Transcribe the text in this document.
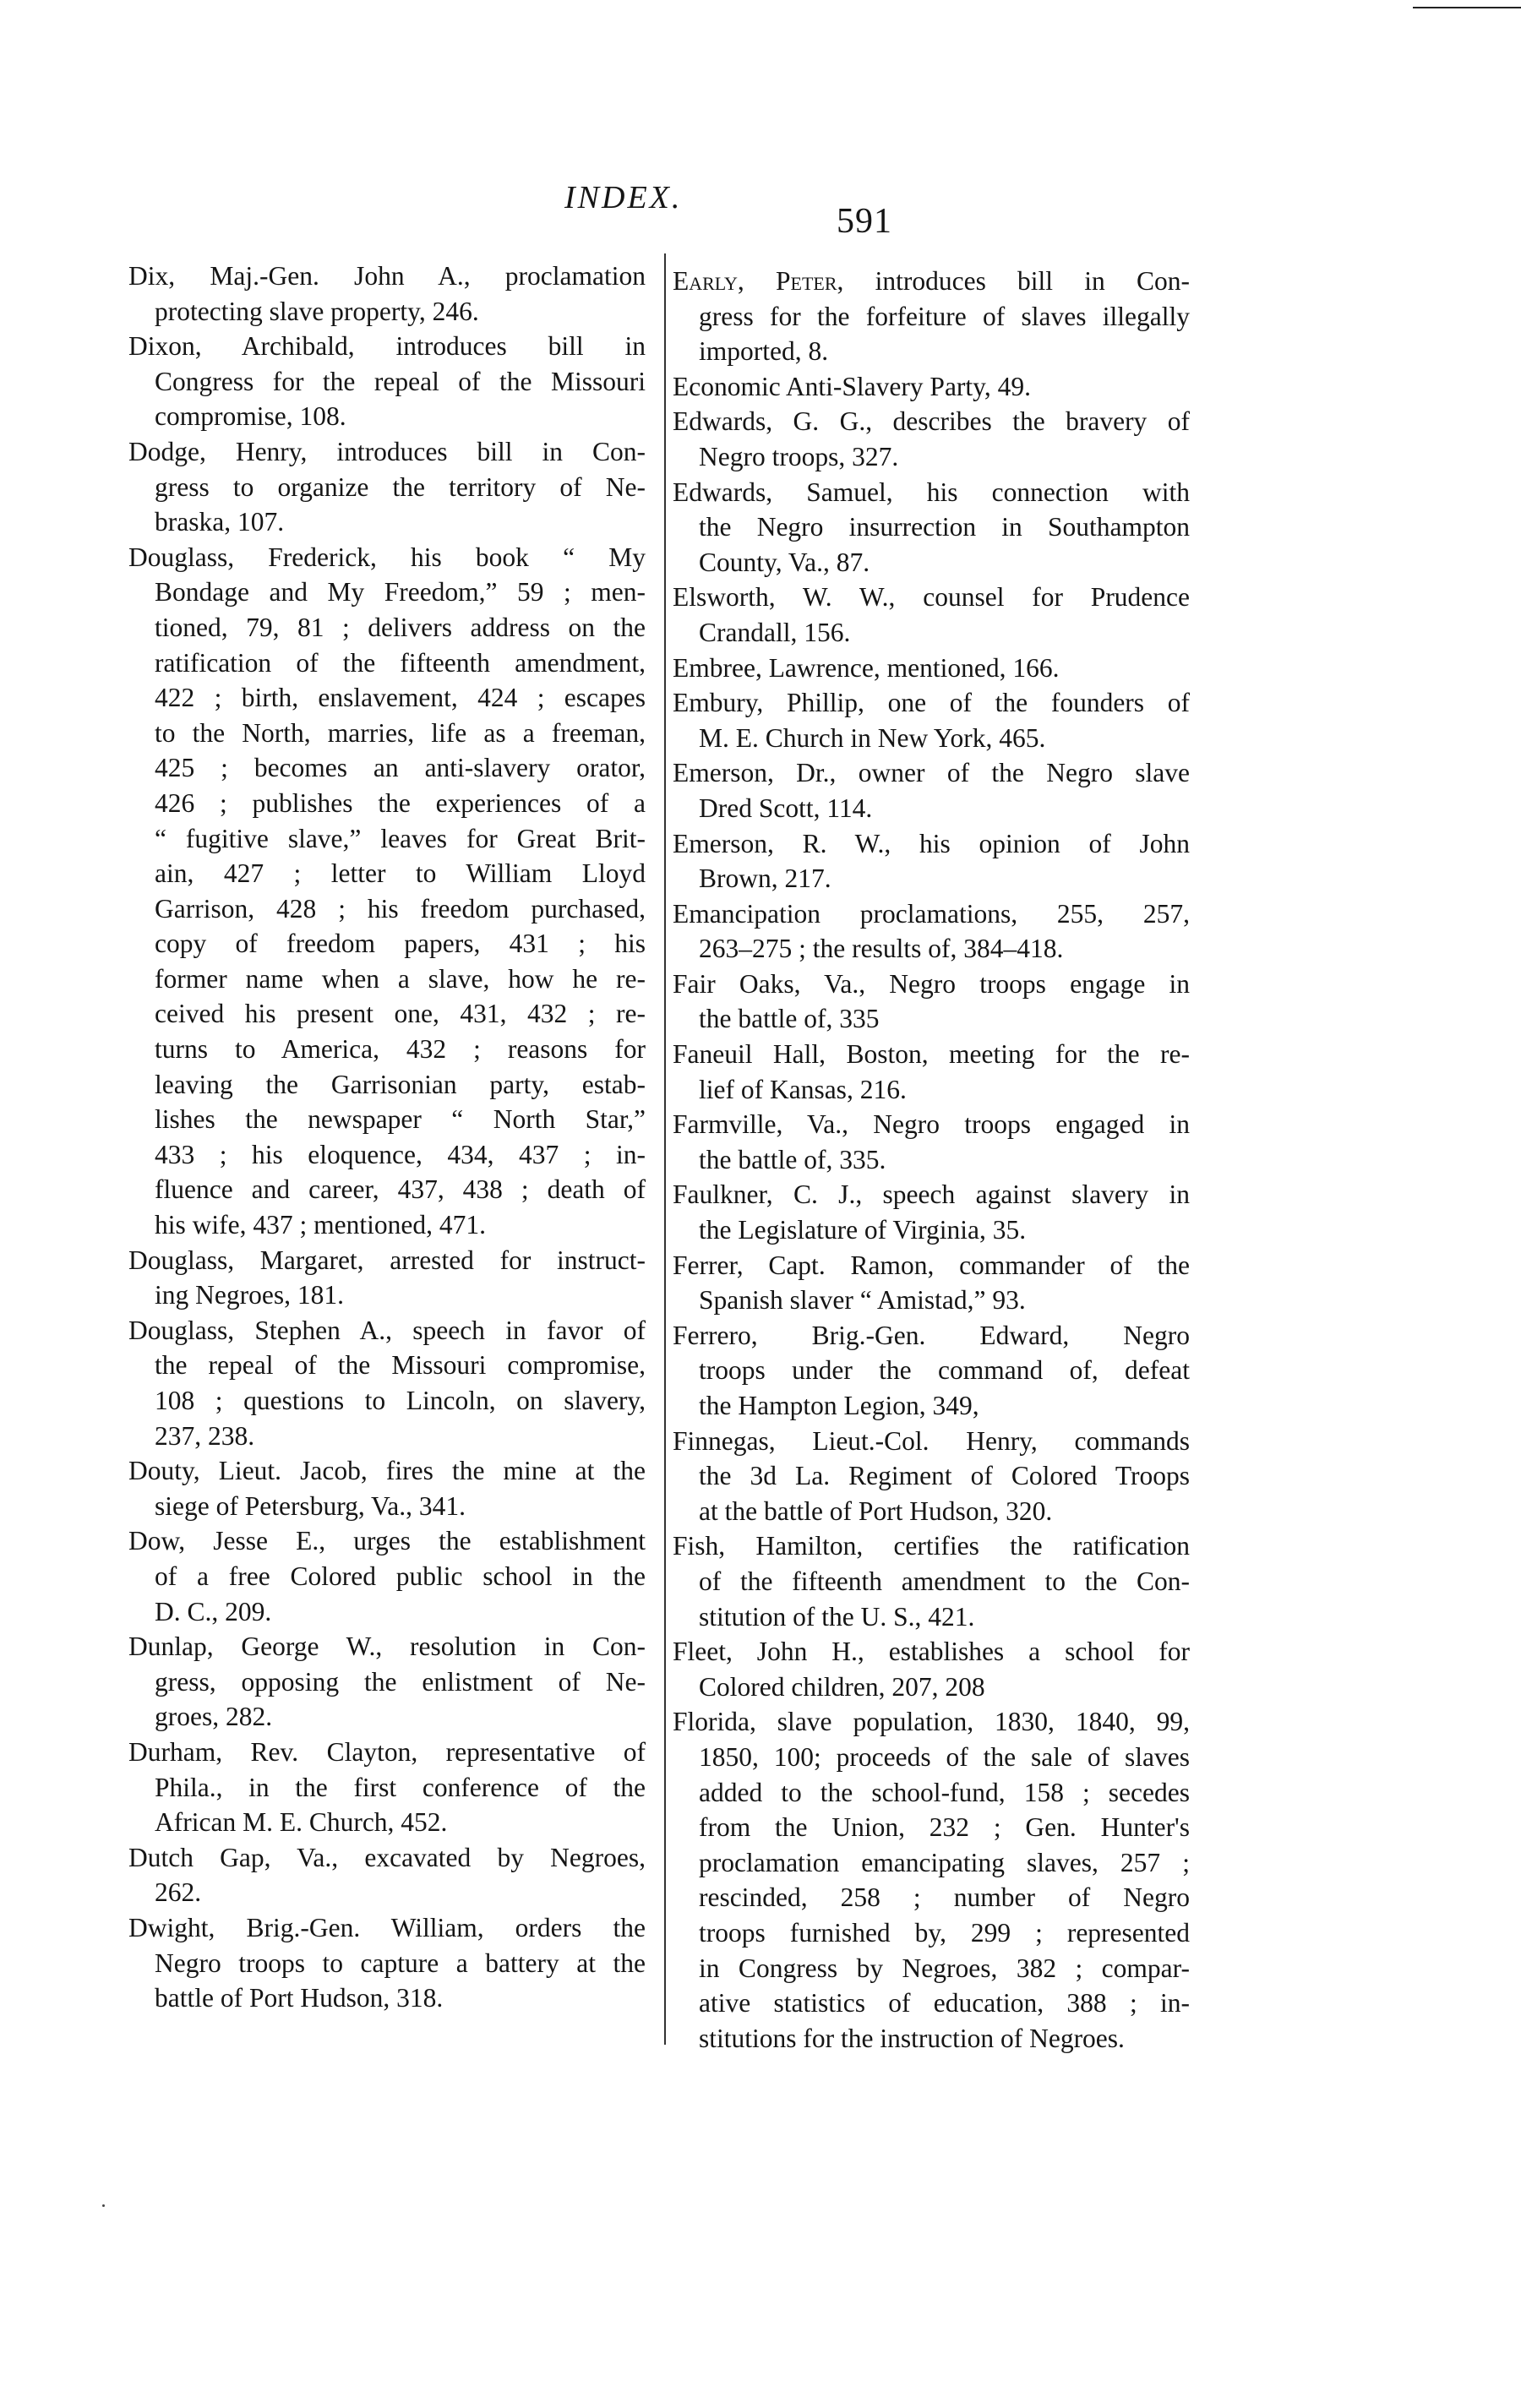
INDEX.
591
Dix, Maj.-Gen. John A., proclamation
protecting slave property, 246.
Dixon, Archibald, introduces bill in
Congress for the repeal of the Missouri
compromise, 108.
Dodge, Henry, introduces bill in Con-
gress to organize the territory of Ne-
braska, 107.
Douglass, Frederick, his book “ My
Bondage and My Freedom,” 59 ; men-
tioned, 79, 81 ; delivers address on the
ratification of the fifteenth amendment,
422 ; birth, enslavement, 424 ; escapes
to the North, marries, life as a freeman,
425 ; becomes an anti-slavery orator,
426 ; publishes the experiences of a
“ fugitive slave,” leaves for Great Brit-
ain, 427 ; letter to William Lloyd
Garrison, 428 ; his freedom purchased,
copy of freedom papers, 431 ; his
former name when a slave, how he re-
ceived his present one, 431, 432 ; re-
turns to America, 432 ; reasons for
leaving the Garrisonian party, estab-
lishes the newspaper “ North Star,”
433 ; his eloquence, 434, 437 ; in-
fluence and career, 437, 438 ; death of
his wife, 437 ; mentioned, 471.
Douglass, Margaret, arrested for instruct-
ing Negroes, 181.
Douglass, Stephen A., speech in favor of
the repeal of the Missouri compromise,
108 ; questions to Lincoln, on slavery,
237, 238.
Douty, Lieut. Jacob, fires the mine at the
siege of Petersburg, Va., 341.
Dow, Jesse E., urges the establishment
of a free Colored public school in the
D. C., 209.
Dunlap, George W., resolution in Con-
gress, opposing the enlistment of Ne-
groes, 282.
Durham, Rev. Clayton, representative of
Phila., in the first conference of the
African M. E. Church, 452.
Dutch Gap, Va., excavated by Negroes,
262.
Dwight, Brig.-Gen. William, orders the
Negro troops to capture a battery at the
battle of Port Hudson, 318.
Early, Peter, introduces bill in Con-
gress for the forfeiture of slaves illegally
imported, 8.
Economic Anti-Slavery Party, 49.
Edwards, G. G., describes the bravery of
Negro troops, 327.
Edwards, Samuel, his connection with
the Negro insurrection in Southampton
County, Va., 87.
Elsworth, W. W., counsel for Prudence
Crandall, 156.
Embree, Lawrence, mentioned, 166.
Embury, Phillip, one of the founders of
M. E. Church in New York, 465.
Emerson, Dr., owner of the Negro slave
Dred Scott, 114.
Emerson, R. W., his opinion of John
Brown, 217.
Emancipation proclamations, 255, 257,
263–275 ; the results of, 384–418.
Fair Oaks, Va., Negro troops engage in
the battle of, 335
Faneuil Hall, Boston, meeting for the re-
lief of Kansas, 216.
Farmville, Va., Negro troops engaged in
the battle of, 335.
Faulkner, C. J., speech against slavery in
the Legislature of Virginia, 35.
Ferrer, Capt. Ramon, commander of the
Spanish slaver “ Amistad,” 93.
Ferrero, Brig.-Gen. Edward, Negro
troops under the command of, defeat
the Hampton Legion, 349,
Finnegas, Lieut.-Col. Henry, commands
the 3d La. Regiment of Colored Troops
at the battle of Port Hudson, 320.
Fish, Hamilton, certifies the ratification
of the fifteenth amendment to the Con-
stitution of the U. S., 421.
Fleet, John H., establishes a school for
Colored children, 207, 208
Florida, slave population, 1830, 1840, 99,
1850, 100; proceeds of the sale of slaves
added to the school-fund, 158 ; secedes
from the Union, 232 ; Gen. Hunter's
proclamation emancipating slaves, 257 ;
rescinded, 258 ; number of Negro
troops furnished by, 299 ; represented
in Congress by Negroes, 382 ; compar-
ative statistics of education, 388 ; in-
stitutions for the instruction of Negroes.
